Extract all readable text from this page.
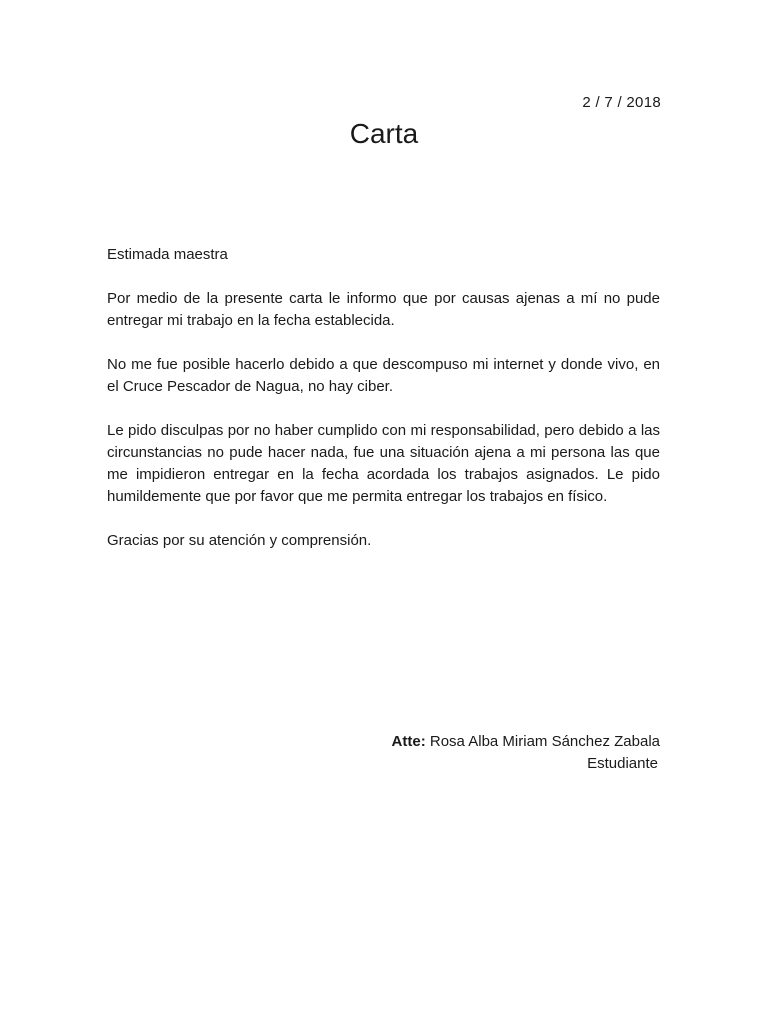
2 / 7 / 2018
Carta

Estimada maestra

Por medio de la presente carta le informo que por causas ajenas a mí no pude entregar mi trabajo en la fecha establecida.

No me fue posible hacerlo debido a que descompuso mi internet y donde vivo, en el Cruce Pescador de Nagua, no hay ciber.

Le pido disculpas por no haber cumplido con mi responsabilidad, pero debido a las circunstancias no pude hacer nada, fue una situación ajena a mi persona las que me impidieron entregar en la fecha acordada los trabajos asignados. Le pido humildemente que por favor que me permita entregar los trabajos en físico.

Gracias por su atención y comprensión.

Atte: Rosa Alba Miriam Sánchez Zabala
Estudiante
